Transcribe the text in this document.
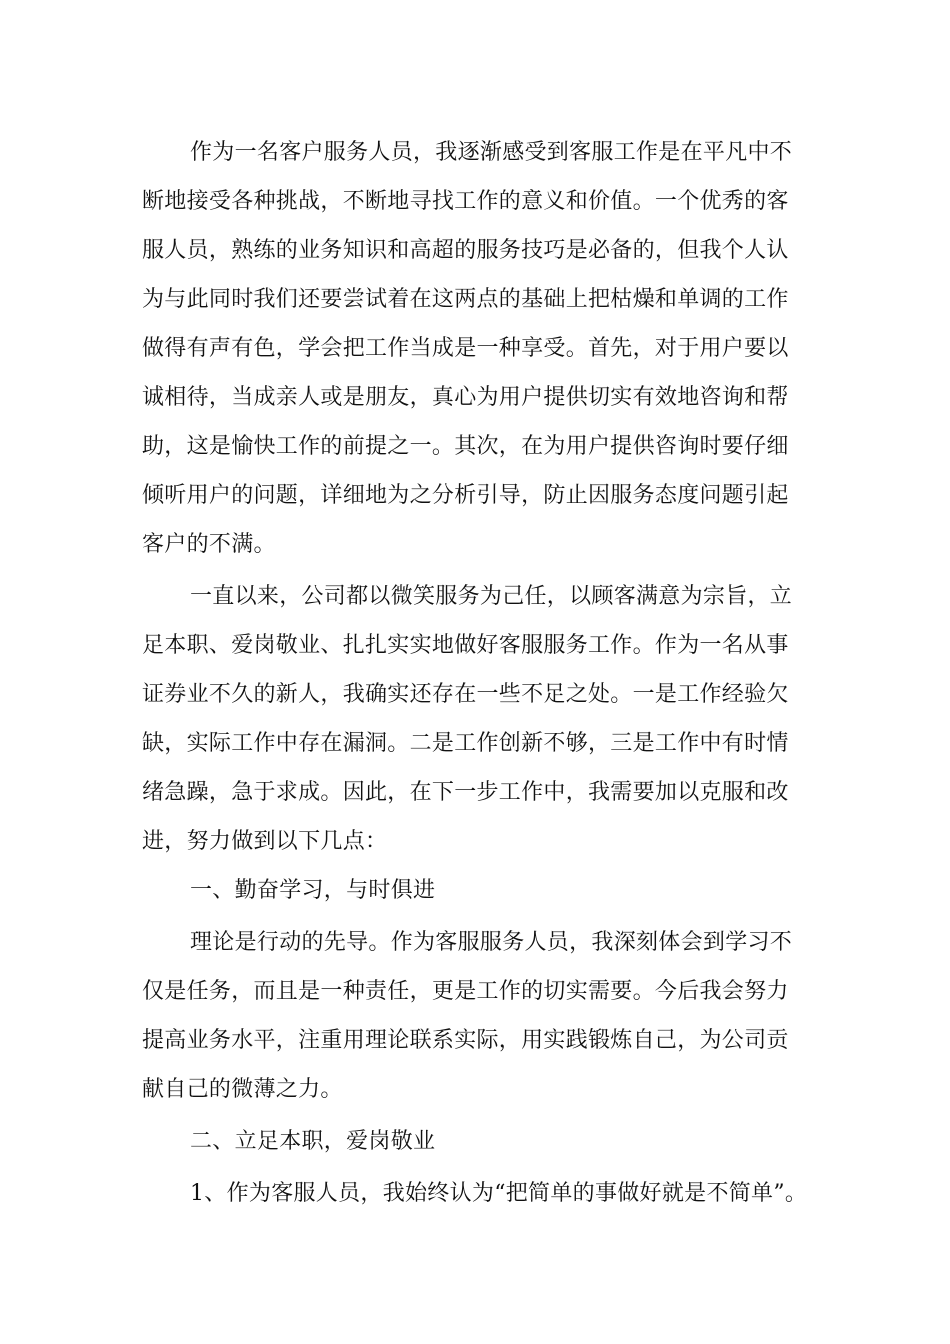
作为一名客户服务人员，我逐渐感受到客服工作是在平凡中不
断地接受各种挑战，不断地寻找工作的意义和价值。一个优秀的客
服人员，熟练的业务知识和高超的服务技巧是必备的，但我个人认
为与此同时我们还要尝试着在这两点的基础上把枯燥和单调的工作
做得有声有色，学会把工作当成是一种享受。首先，对于用户要以
诚相待，当成亲人或是朋友，真心为用户提供切实有效地咨询和帮
助，这是愉快工作的前提之一。其次，在为用户提供咨询时要仔细
倾听用户的问题，详细地为之分析引导，防止因服务态度问题引起
客户的不满。
一直以来，公司都以微笑服务为己任，以顾客满意为宗旨，立
足本职、爱岗敬业、扎扎实实地做好客服服务工作。作为一名从事
证券业不久的新人，我确实还存在一些不足之处。一是工作经验欠
缺，实际工作中存在漏洞。二是工作创新不够，三是工作中有时情
绪急躁，急于求成。因此，在下一步工作中，我需要加以克服和改
进，努力做到以下几点：
一、勤奋学习，与时俱进
理论是行动的先导。作为客服服务人员，我深刻体会到学习不
仅是任务，而且是一种责任，更是工作的切实需要。今后我会努力
提高业务水平，注重用理论联系实际，用实践锻炼自己，为公司贡
献自己的微薄之力。
二、立足本职，爱岗敬业
1、作为客服人员，我始终认为“把简单的事做好就是不简单”。
